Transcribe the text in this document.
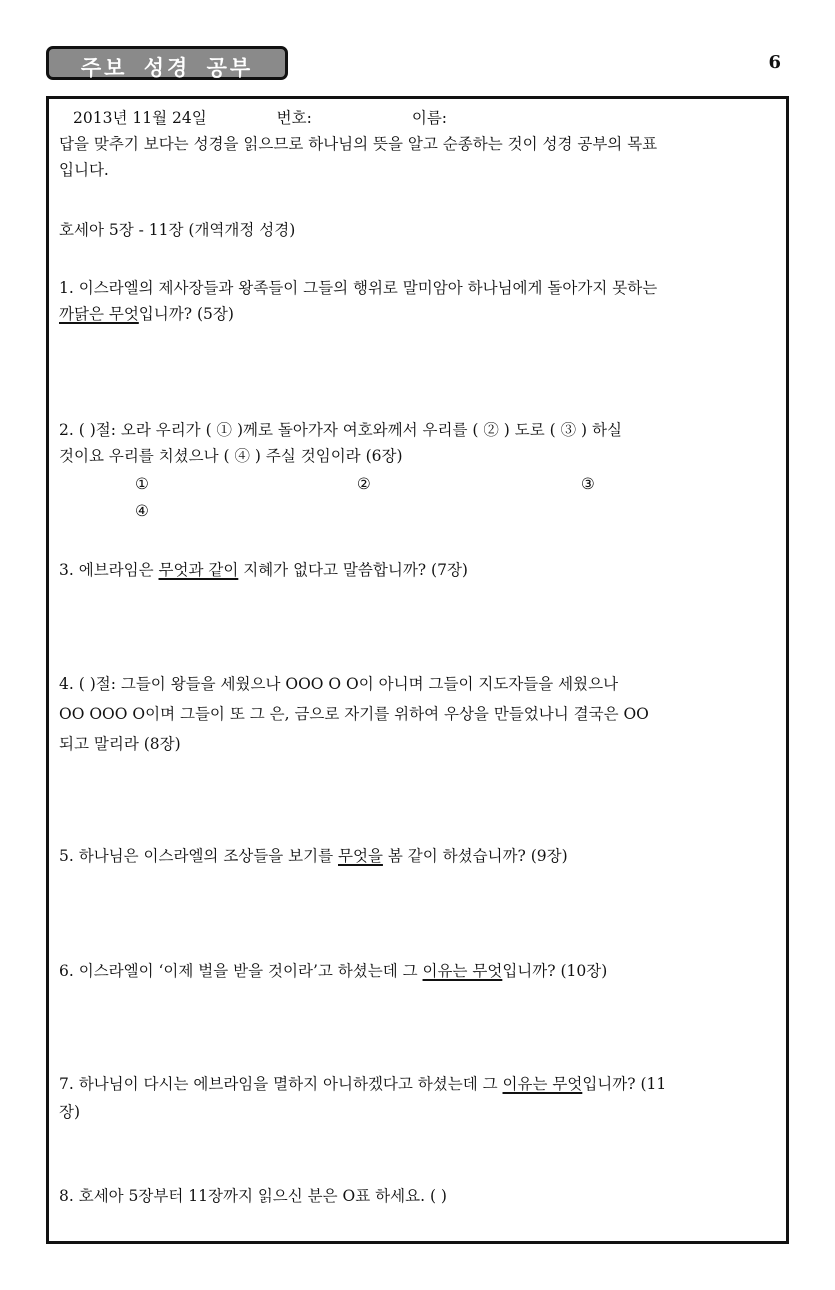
주보 성경 공부	6
2013년 11월 24일	번호:	이름:
답을 맞추기 보다는 성경을 읽으므로 하나님의 뜻을 알고 순종하는 것이 성경 공부의 목표
입니다.
호세아 5장 - 11장 (개역개정 성경)
1. 이스라엘의 제사장들과 왕족들이 그들의 행위로 말미암아 하나님에게 돌아가지 못하는
까닭은 무엇입니까? (5장)
2. ( )절: 오라 우리가 ( ① )께로 돌아가자 여호와께서 우리를 ( ② ) 도로 ( ③ ) 하실
것이요 우리를 치셨으나 ( ④ ) 주실 것임이라 (6장)
①	②	③
④
3. 에브라임은 무엇과 같이 지혜가 없다고 말씀합니까? (7장)
4. ( )절: 그들이 왕들을 세웠으나 OOO O O이 아니며 그들이 지도자들을 세웠으나
OO OOO O이며 그들이 또 그 은, 금으로 자기를 위하여 우상을 만들었나니 결국은 OO
되고 말리라 (8장)
5. 하나님은 이스라엘의 조상들을 보기를 무엇을 봄 같이 하셨습니까? (9장)
6. 이스라엘이 ‘이제 벌을 받을 것이라’고 하셨는데 그 이유는 무엇입니까? (10장)
7. 하나님이 다시는 에브라임을 멸하지 아니하겠다고 하셨는데 그 이유는 무엇입니까? (11
장)
8. 호세아 5장부터 11장까지 읽으신 분은 O표 하세요. ( )
